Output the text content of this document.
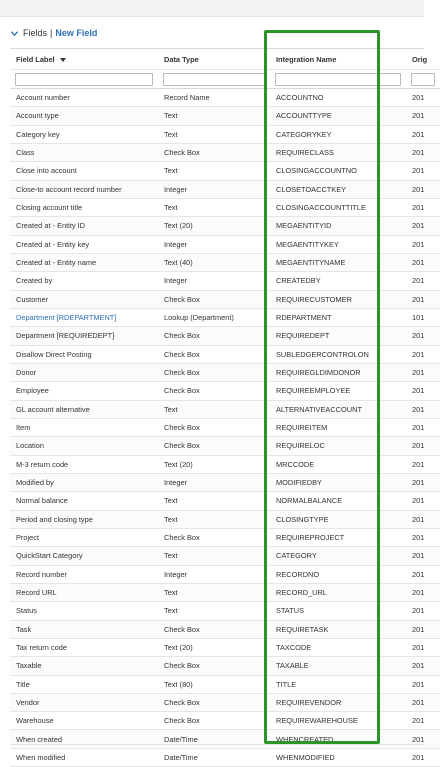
Fields | New Field
Field Label	Data Type	Integration Name	Orig

Account number	Record Name	ACCOUNTNO	201
Account type	Text	ACCOUNTTYPE	201
Category key	Text	CATEGORYKEY	201
Class	Check Box	REQUIRECLASS	201
Close into account	Text	CLOSINGACCOUNTNO	201
Close-to account record number	Integer	CLOSETOACCTKEY	201
Closing account title	Text	CLOSINGACCOUNTTITLE	201
Created at - Entity ID	Text (20)	MEGAENTITYID	201
Created at - Entity key	Integer	MEGAENTITYKEY	201
Created at - Entity name	Text (40)	MEGAENTITYNAME	201
Created by	Integer	CREATEDBY	201
Customer	Check Box	REQUIRECUSTOMER	201
Department [RDEPARTMENT]	Lookup (Department)	RDEPARTMENT	101
Department [REQUIREDEPT]	Check Box	REQUIREDEPT	201
Disallow Direct Posting	Check Box	SUBLEDGERCONTROLON	201
Donor	Check Box	REQUIREGLDIMDONOR	201
Employee	Check Box	REQUIREEMPLOYEE	201
GL account alternative	Text	ALTERNATIVEACCOUNT	201
Item	Check Box	REQUIREITEM	201
Location	Check Box	REQUIRELOC	201
M-3 return code	Text (20)	MRCCODE	201
Modified by	Integer	MODIFIEDBY	201
Normal balance	Text	NORMALBALANCE	201
Period and closing type	Text	CLOSINGTYPE	201
Project	Check Box	REQUIREPROJECT	201
QuickStart Category	Text	CATEGORY	201
Record number	Integer	RECORDNO	201
Record URL	Text	RECORD_URL	201
Status	Text	STATUS	201
Task	Check Box	REQUIRETASK	201
Tax return code	Text (20)	TAXCODE	201
Taxable	Check Box	TAXABLE	201
Title	Text (80)	TITLE	201
Vendor	Check Box	REQUIREVENDOR	201
Warehouse	Check Box	REQUIREWAREHOUSE	201
When created	Date/Time	WHENCREATED	201
When modified	Date/Time	WHENMODIFIED	201
